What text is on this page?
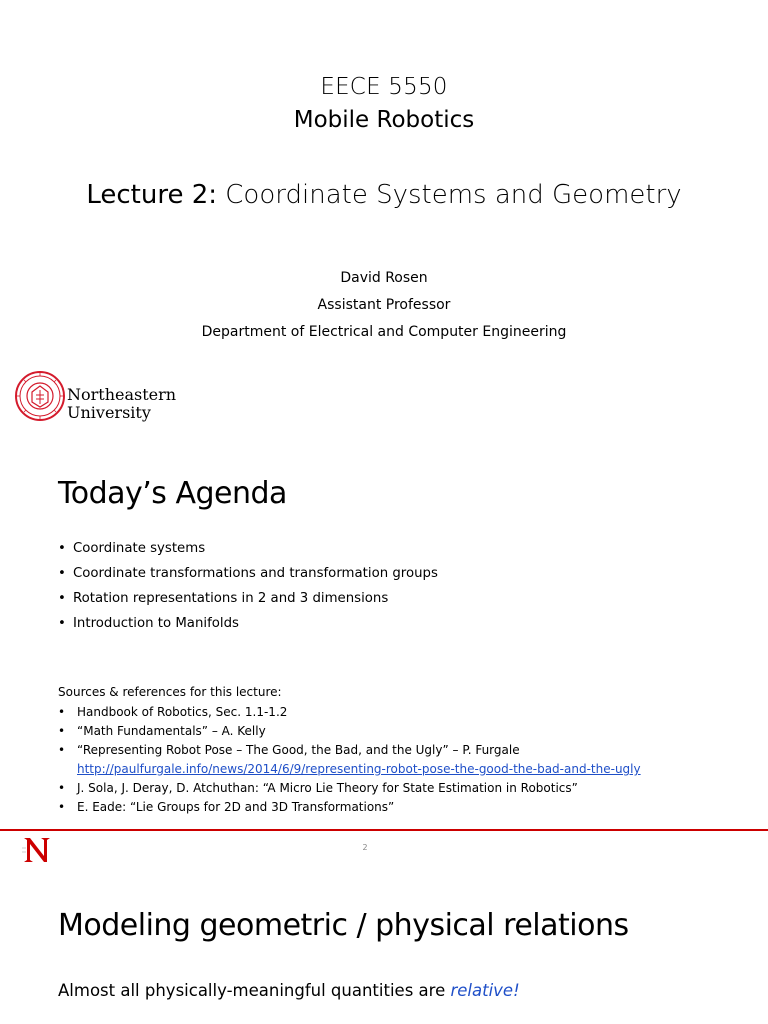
EECE 5550
Mobile Robotics
Lecture 2: Coordinate Systems and Geometry
David Rosen
Assistant Professor
Department of Electrical and Computer Engineering
Northeastern
University
Today’s Agenda
• Coordinate systems
• Coordinate transformations and transformation groups
• Rotation representations in 2 and 3 dimensions
• Introduction to Manifolds
Sources & references for this lecture:
• Handbook of Robotics, Sec. 1.1-1.2
• “Math Fundamentals” – A. Kelly
• “Representing Robot Pose – The Good, the Bad, and the Ugly” – P. Furgale
http://paulfurgale.info/news/2014/6/9/representing-robot-pose-the-good-the-bad-and-the-ugly
• J. Sola, J. Deray, D. Atchuthan: “A Micro Lie Theory for State Estimation in Robotics”
• E. Eade: “Lie Groups for 2D and 3D Transformations”
2
Modeling geometric / physical relations
Almost all physically-meaningful quantities are relative!
